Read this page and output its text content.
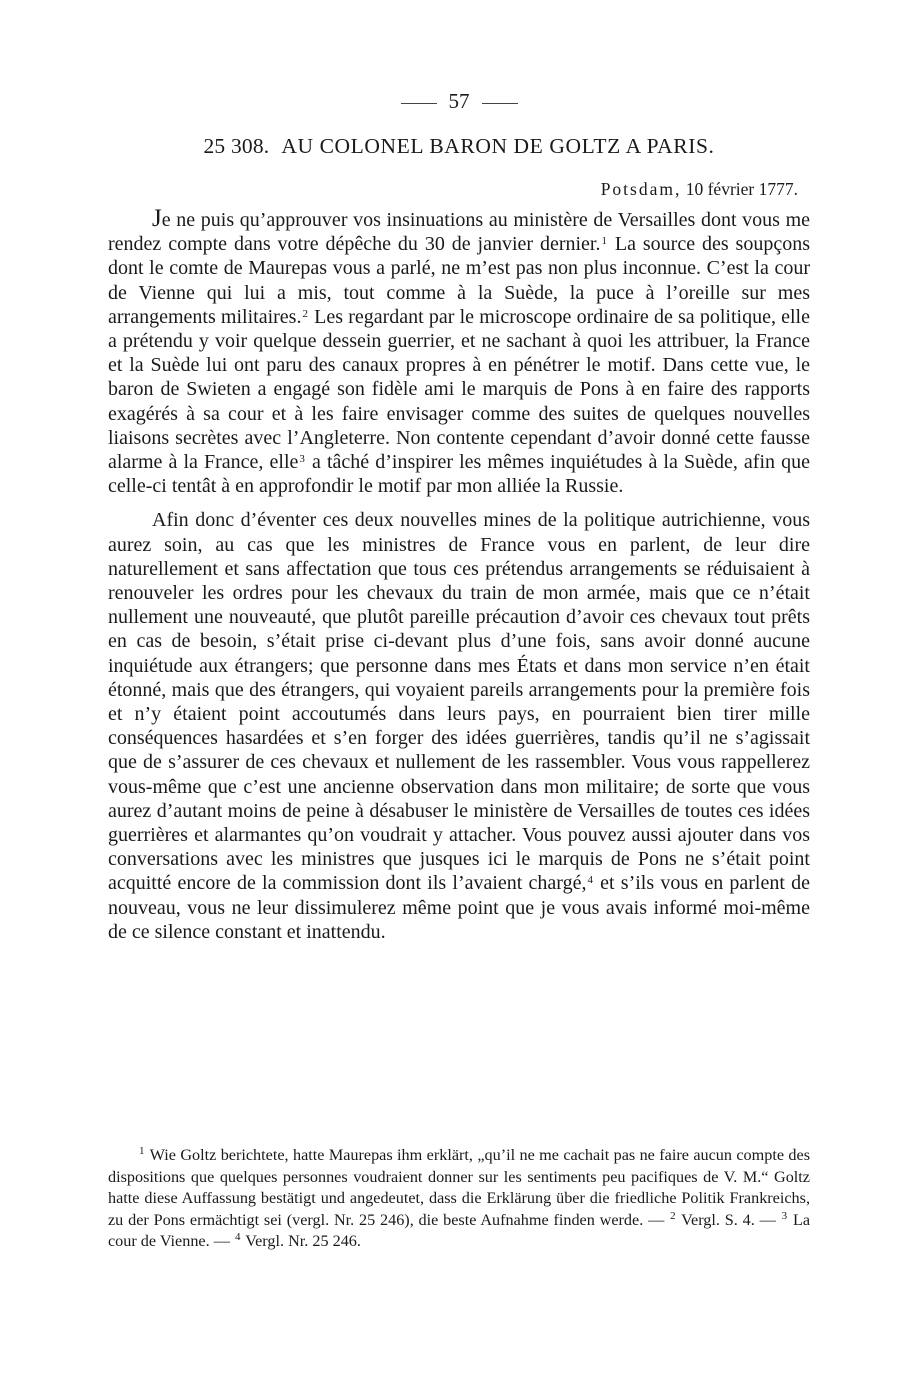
57
25 308. AU COLONEL BARON DE GOLTZ A PARIS.
Potsdam, 10 février 1777.

Je ne puis qu’approuver vos insinuations au ministère de Versailles dont vous me rendez compte dans votre dépêche du 30 de janvier dernier.$^1$ La source des soupçons dont le comte de Maurepas vous a parlé, ne m’est pas non plus inconnue. C’est la cour de Vienne qui lui a mis, tout comme à la Suède, la puce à l’oreille sur mes arrangements militaires.$^2$ Les regardant par le microscope ordinaire de sa politique, elle a prétendu y voir quelque dessein guerrier, et ne sachant à quoi les attribuer, la France et la Suède lui ont paru des canaux propres à en pénétrer le motif. Dans cette vue, le baron de Swieten a engagé son fidèle ami le marquis de Pons à en faire des rapports exagérés à sa cour et à les faire envisager comme des suites de quelques nouvelles liaisons secrètes avec l’Angleterre. Non contente cependant d’avoir donné cette fausse alarme à la France, elle$^3$ a tâché d’inspirer les mêmes inquiétudes à la Suède, afin que celle-ci tentât à en approfondir le motif par mon alliée la Russie.

Afin donc d’éventer ces deux nouvelles mines de la politique autrichienne, vous aurez soin, au cas que les ministres de France vous en parlent, de leur dire naturellement et sans affectation que tous ces prétendus arrangements se réduisaient à renouveler les ordres pour les chevaux du train de mon armée, mais que ce n’était nullement une nouveauté, que plutôt pareille précaution d’avoir ces chevaux tout prêts en cas de besoin, s’était prise ci-devant plus d’une fois, sans avoir donné aucune inquiétude aux étrangers; que personne dans mes États et dans mon service n’en était étonné, mais que des étrangers, qui voyaient pareils arrangements pour la première fois et n’y étaient point accoutumés dans leurs pays, en pourraient bien tirer mille conséquences hasardées et s’en forger des idées guerrières, tandis qu’il ne s’agissait que de s’assurer de ces chevaux et nullement de les rassembler. Vous vous rappellerez vous-même que c’est une ancienne observation dans mon militaire; de sorte que vous aurez d’autant moins de peine à désabuser le ministère de Versailles de toutes ces idées guerrières et alarmantes qu’on voudrait y attacher. Vous pouvez aussi ajouter dans vos conversations avec les ministres que jusques ici le marquis de Pons ne s’était point acquitté encore de la commission dont ils l’avaient chargé,$^4$ et s’ils vous en parlent de nouveau, vous ne leur dissimulerez même point que je vous avais informé moi-même de ce silence constant et inattendu.

$^1$ Wie Goltz berichtete, hatte Maurepas ihm erklärt, „qu’il ne me cachait pas ne faire aucun compte des dispositions que quelques personnes voudraient donner sur les sentiments peu pacifiques de V. M.“ Goltz hatte diese Auffassung bestätigt und angedeutet, dass die Erklärung über die friedliche Politik Frankreichs, zu der Pons ermächtigt sei (vergl. Nr. 25 246), die beste Aufnahme finden werde. — $^2$ Vergl. S. 4. — $^3$ La cour de Vienne. — $^4$ Vergl. Nr. 25 246.
